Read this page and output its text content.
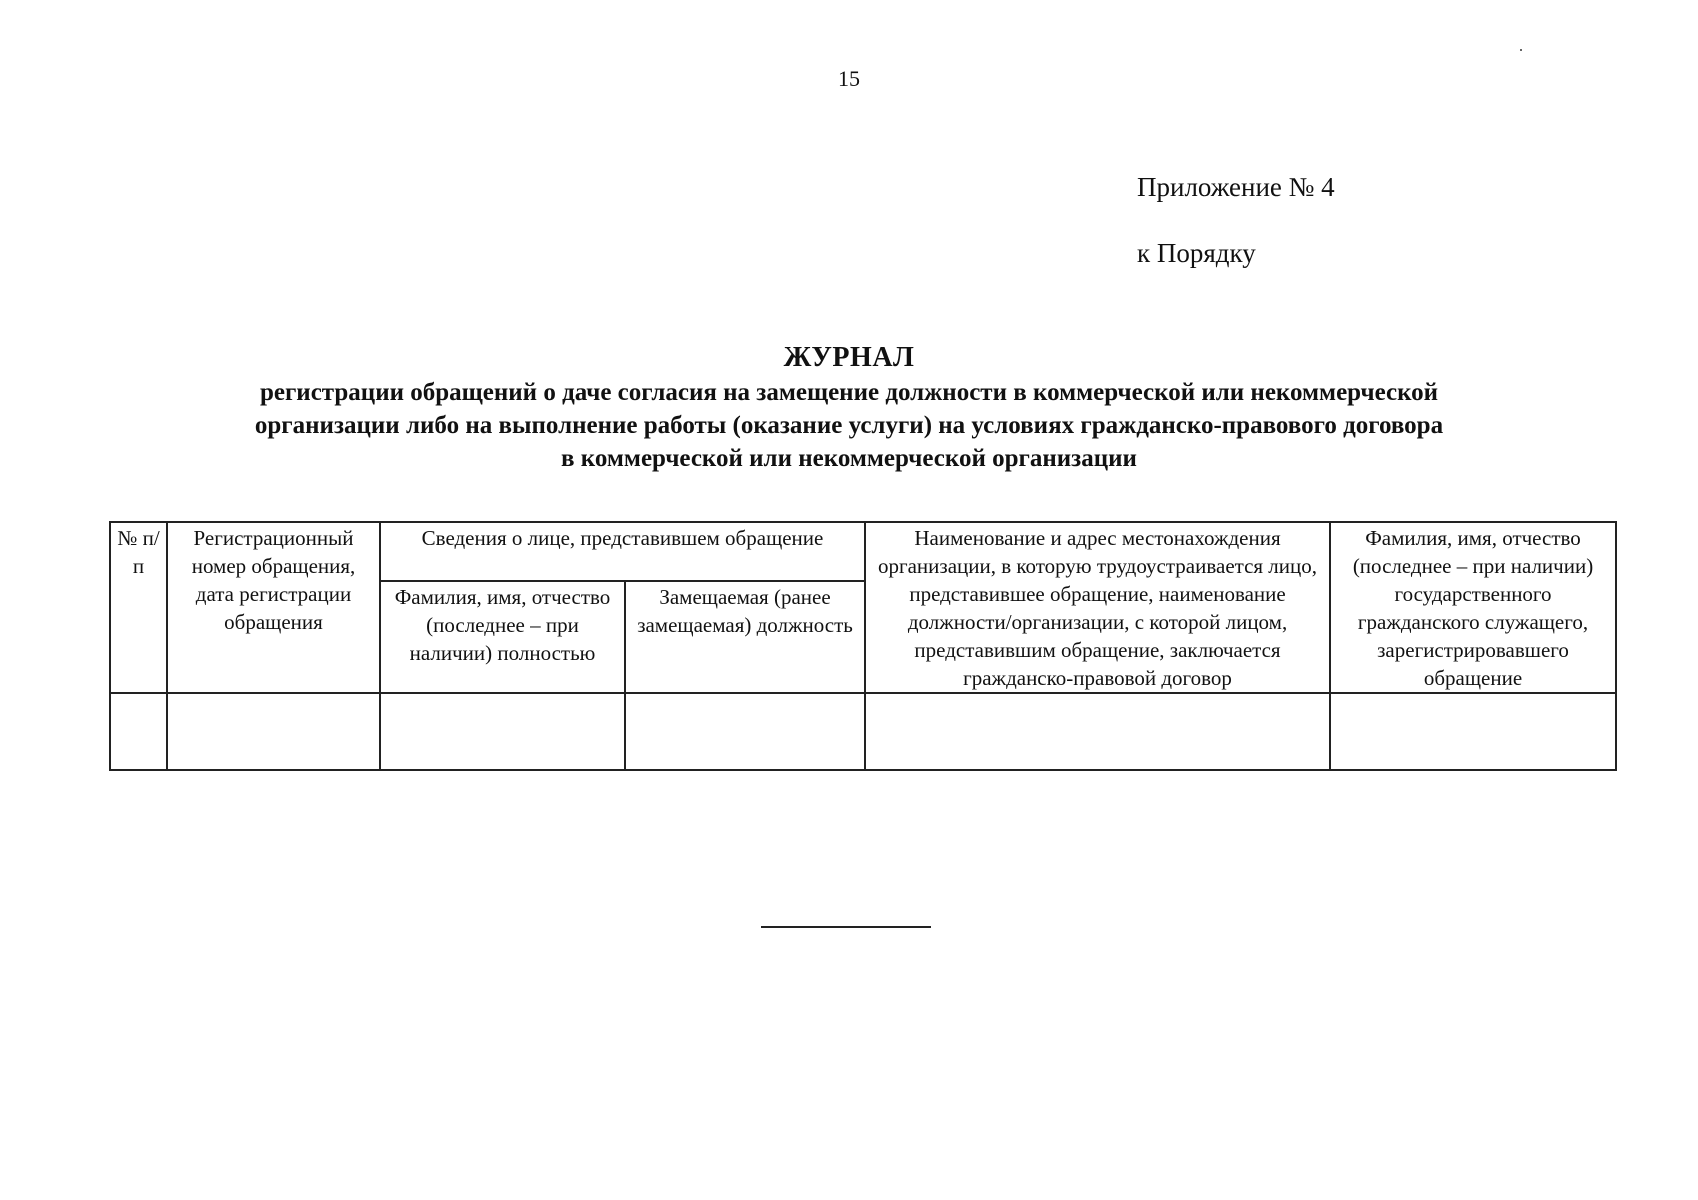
15
Приложение № 4
к Порядку
ЖУРНАЛ
регистрации обращений о даче согласия на замещение должности в коммерческой или некоммерческой
организации либо на выполнение работы (оказание услуги) на условиях гражданско-правового договора
в коммерческой или некоммерческой организации
№ п/п	Регистрационный номер обращения, дата регистрации обращения	Сведения о лице, представившем обращение		Наименование и адрес местонахождения организации, в которую трудоустраивается лицо, представившее обращение, наименование должности/организации, с которой лицом, представившим обращение, заключается гражданско-правовой договор	Фамилия, имя, отчество (последнее – при наличии) государственного гражданского служащего, зарегистрировавшего обращение
		Фамилия, имя, отчество (последнее – при наличии) полностью	Замещаемая (ранее замещаемая) должность		
